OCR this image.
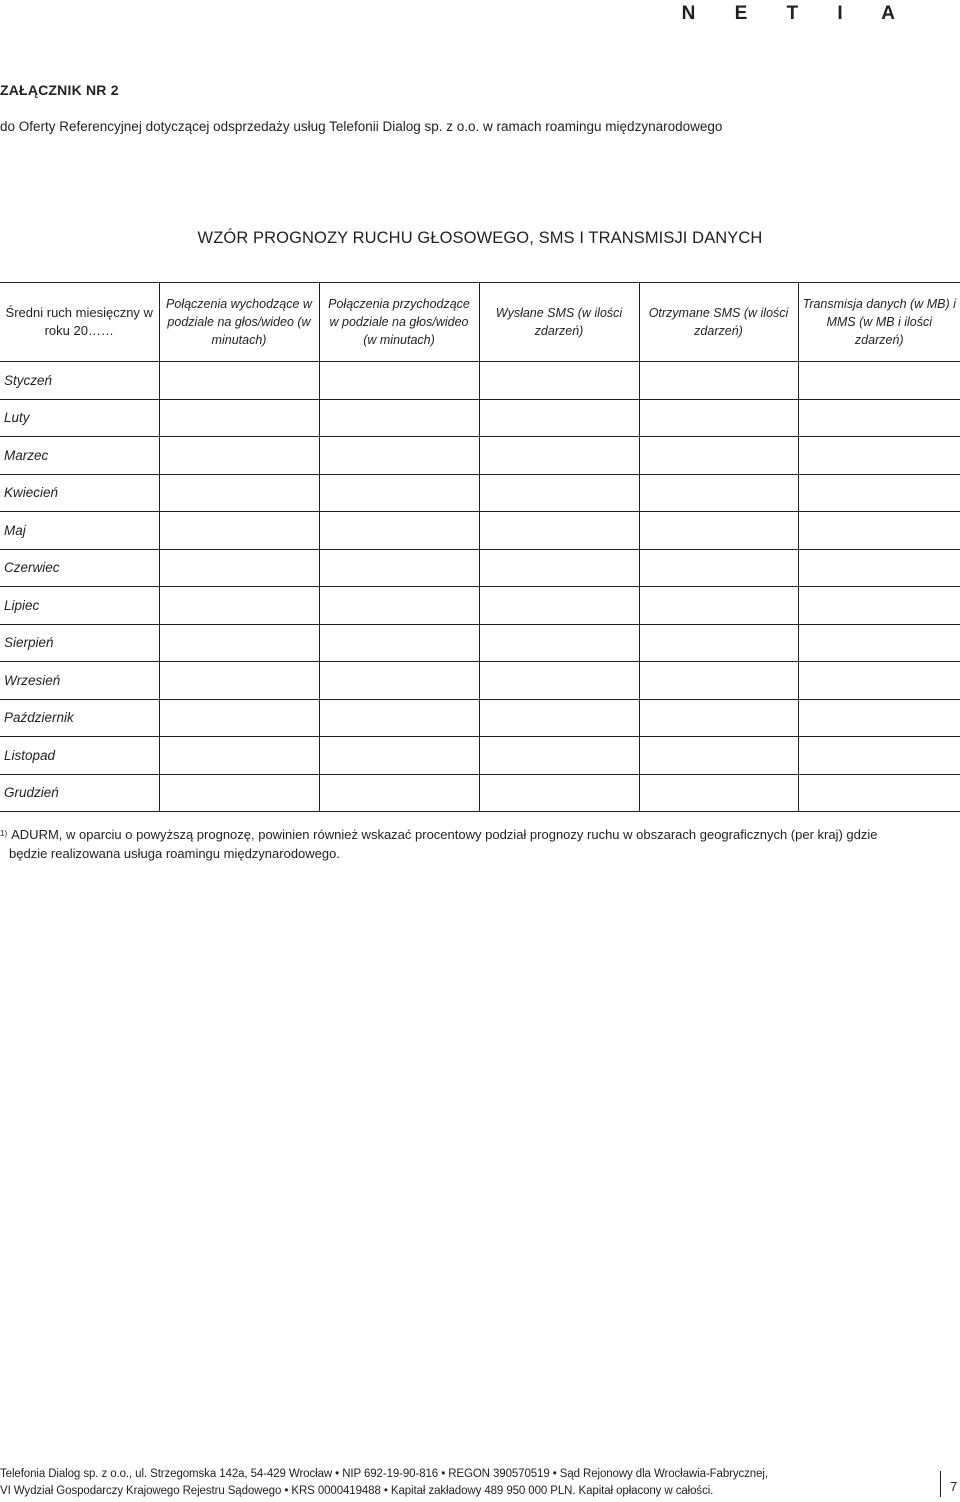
N E T I A
ZAŁĄCZNIK NR 2
do Oferty Referencyjnej dotyczącej odsprzedaży usług Telefonii Dialog sp. z o.o. w ramach roamingu międzynarodowego
WZÓR PROGNOZY RUCHU GŁOSOWEGO, SMS I TRANSMISJI DANYCH
Średni ruch miesięczny w roku 20……	Połączenia wychodzące w podziale na głos/wideo (w minutach)	Połączenia przychodzące w podziale na głos/wideo (w minutach)	Wysłane SMS (w ilości zdarzeń)	Otrzymane SMS (w ilości zdarzeń)	Transmisja danych (w MB) i MMS (w MB i ilości zdarzeń)
Styczeń					
Luty					
Marzec					
Kwiecień					
Maj					
Czerwiec					
Lipiec					
Sierpień					
Wrzesień					
Październik					
Listopad					
Grudzień					
$^{1)}$ ADURM, w oparciu o powyższą prognozę, powinien również wskazać procentowy podział prognozy ruchu w obszarach geograficznych (per kraj) gdzie
będzie realizowana usługa roamingu międzynarodowego.
Telefonia Dialog sp. z o.o., ul. Strzegomska 142a, 54-429 Wrocław • NIP 692-19-90-816 • REGON 390570519 • Sąd Rejonowy dla Wrocławia-Fabrycznej,
VI Wydział Gospodarczy Krajowego Rejestru Sądowego • KRS 0000419488 • Kapitał zakładowy 489 950 000 PLN. Kapitał opłacony w całości.	7
